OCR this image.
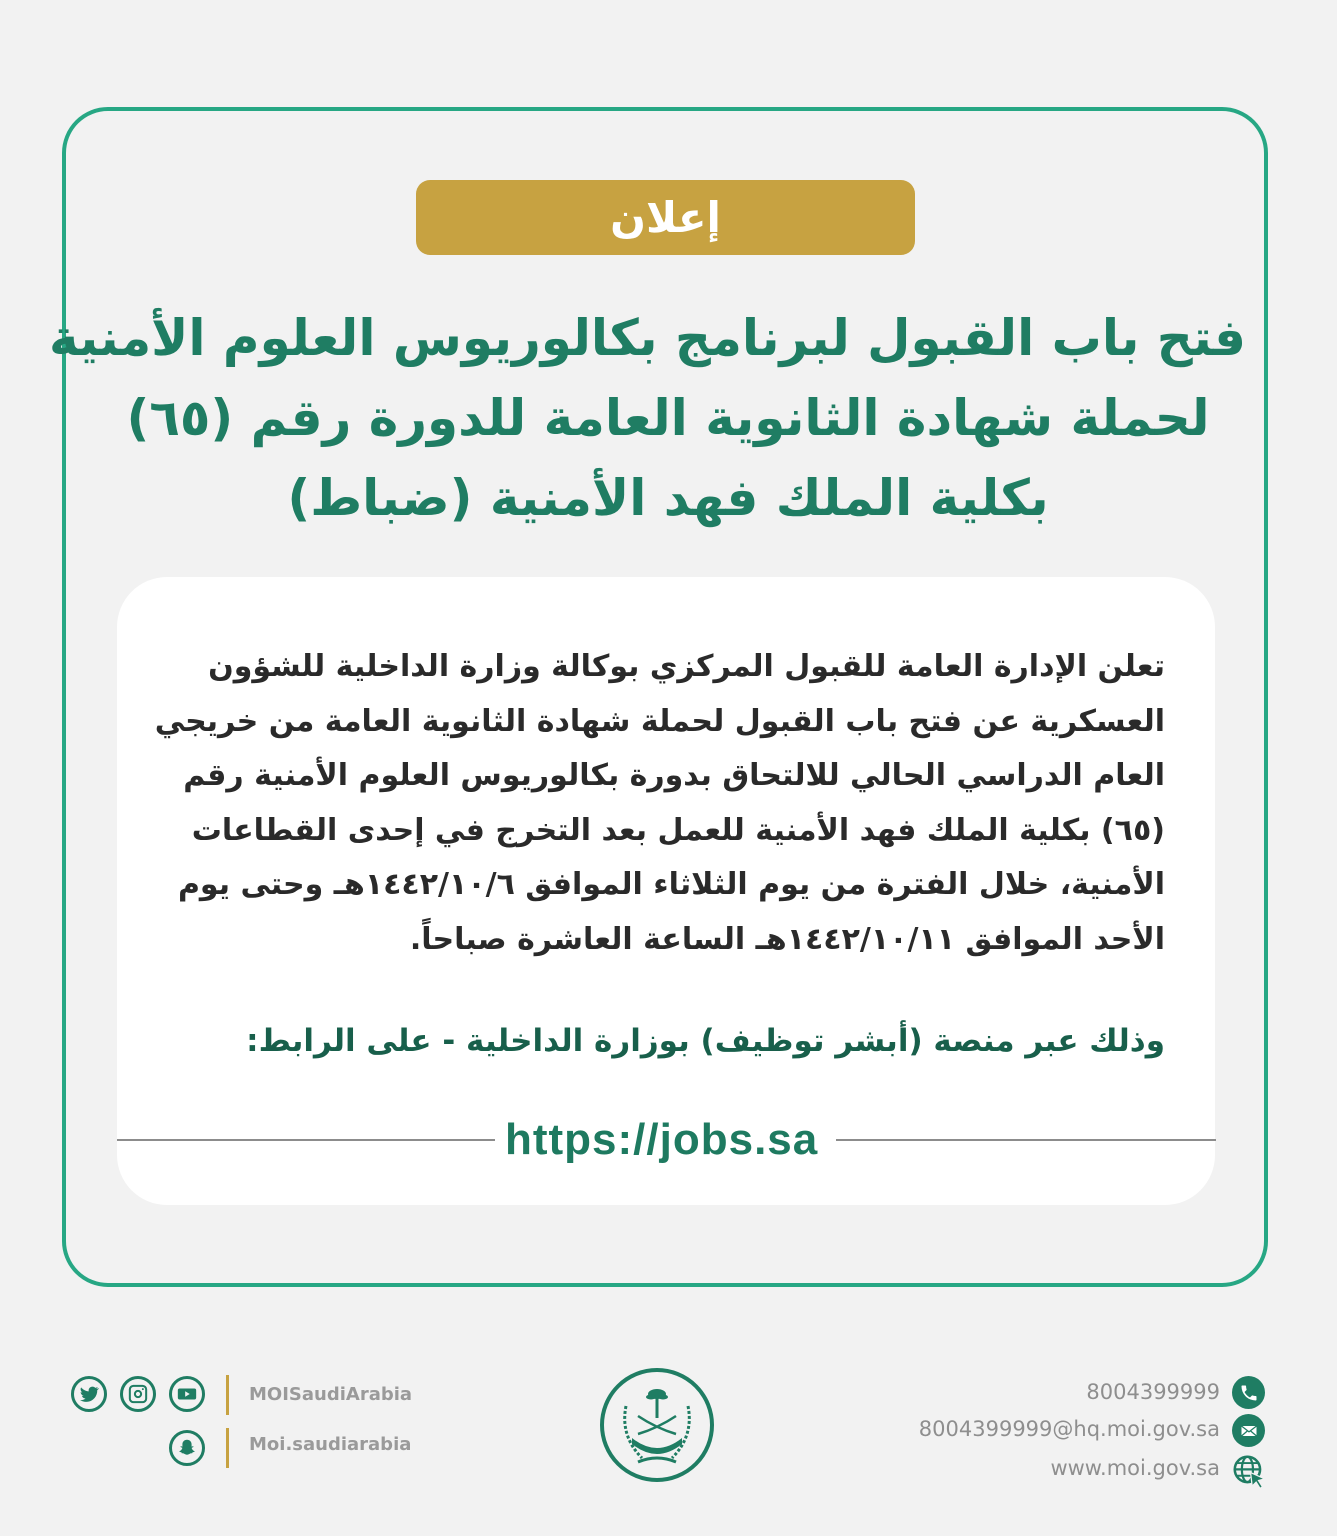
إعلان
فتح باب القبول لبرنامج بكالوريوس العلوم الأمنية
لحملة شهادة الثانوية العامة للدورة رقم (٦٥)
بكلية الملك فهد الأمنية (ضباط)
تعلن الإدارة العامة للقبول المركزي بوكالة وزارة الداخلية للشؤون
العسكرية عن فتح باب القبول لحملة شهادة الثانوية العامة من خريجي
العام الدراسي الحالي للالتحاق بدورة بكالوريوس العلوم الأمنية رقم
(٦٥) بكلية الملك فهد الأمنية للعمل بعد التخرج في إحدى القطاعات
الأمنية، خلال الفترة من يوم الثلاثاء الموافق ١٤٤٢/١٠/٦هـ وحتى يوم
الأحد الموافق ١٤٤٢/١٠/١١هـ الساعة العاشرة صباحاً.
وذلك عبر منصة (أبشر توظيف) بوزارة الداخلية - على الرابط:
https://jobs.sa
MOISaudiArabia
Moi.saudiarabia
8004399999
8004399999@hq.moi.gov.sa
www.moi.gov.sa
